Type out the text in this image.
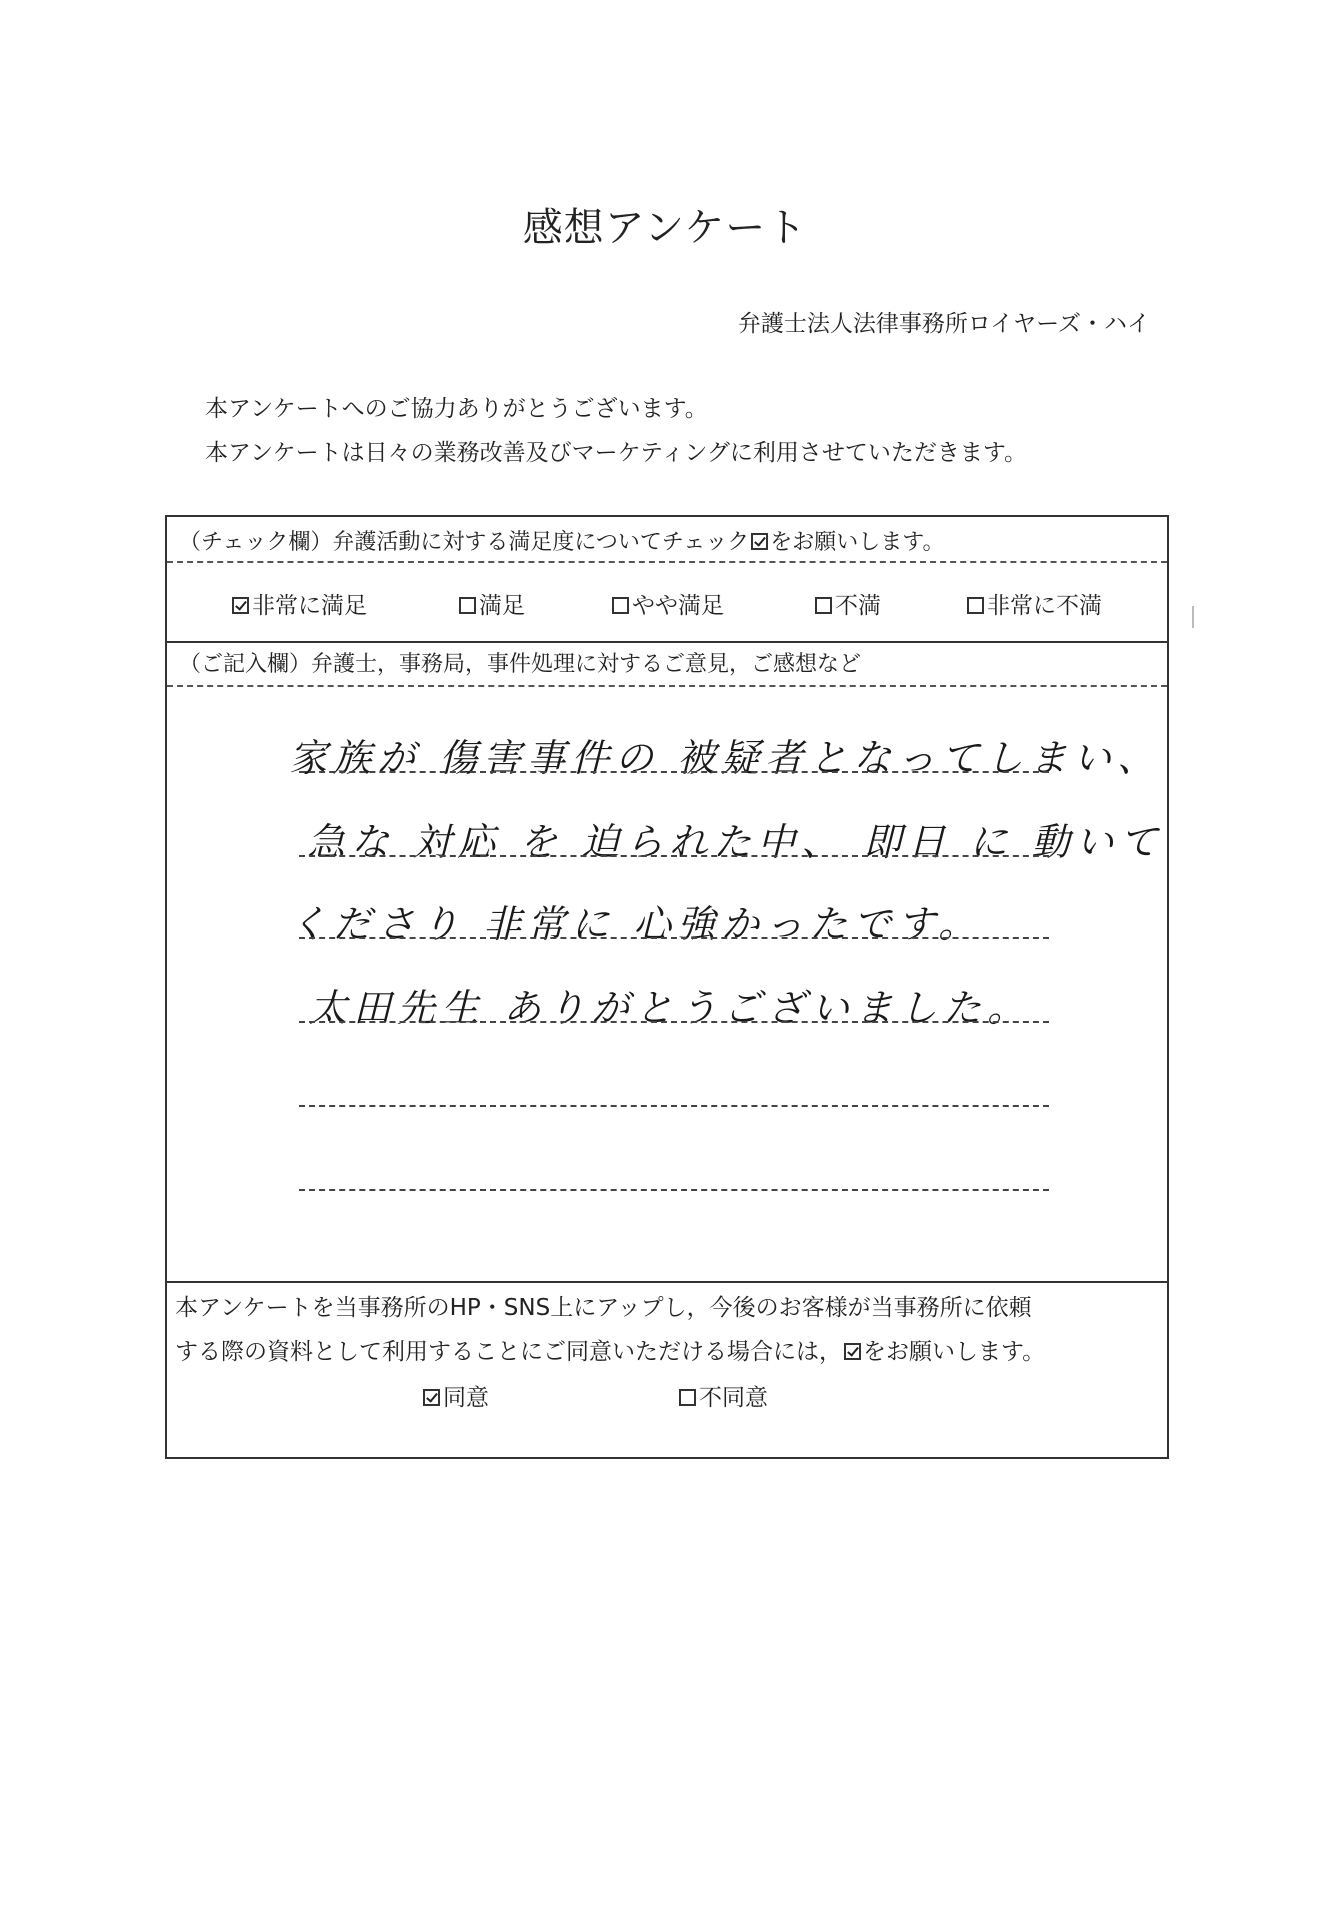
感想アンケート
弁護士法人法律事務所ロイヤーズ・ハイ
本アンケートへのご協力ありがとうございます。
本アンケートは日々の業務改善及びマーケティングに利用させていただきます。
（チェック欄）弁護活動に対する満足度についてチェック をお願いします。
非常に満足	満足	やや満足	不満	非常に不満
（ご記入欄）弁護士，事務局，事件処理に対するご意見，ご感想など
家族が 傷害事件の 被疑者となってしまい、
急な 対応 を 迫られた中、 即日 に 動いて
くださり 非常に 心強かったです。
太田先生 ありがとうございました。
本アンケートを当事務所のHP・SNS上にアップし，今後のお客様が当事務所に依頼
する際の資料として利用することにご同意いただける場合には， をお願いします。
同意	不同意
